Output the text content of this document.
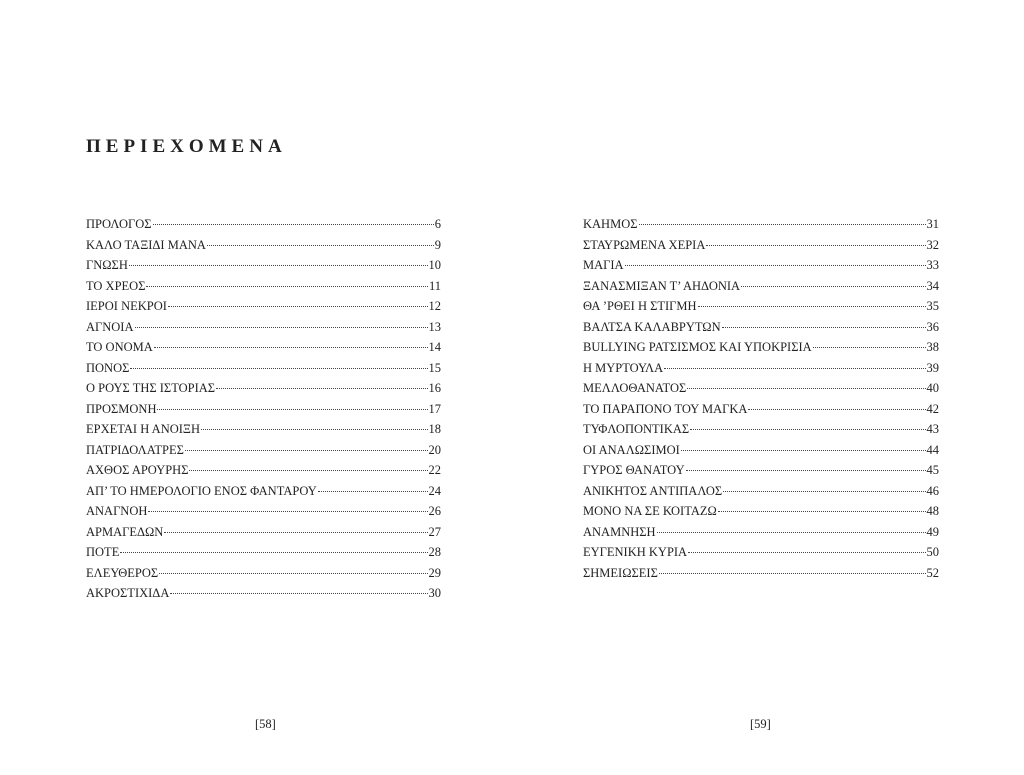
ΠΕΡΙΕΧΟΜΕΝΑ
ΠΡΟΛΟΓΟΣ	6
ΚΑΛΟ ΤΑΞΙΔΙ ΜΑΝΑ	9
ΓΝΩΣΗ	10
ΤΟ ΧΡΕΟΣ	11
ΙΕΡΟΙ ΝΕΚΡΟΙ	12
ΑΓΝΟΙΑ	13
ΤΟ ΟΝΟΜΑ	14
ΠΟΝΟΣ	15
Ο ΡΟΥΣ ΤΗΣ ΙΣΤΟΡΙΑΣ	16
ΠΡΟΣΜΟΝΗ	17
ΕΡΧΕΤΑΙ Η ΑΝΟΙΞΗ	18
ΠΑΤΡΙΔΟΛΑΤΡΕΣ	20
ΑΧΘΟΣ ΑΡΟΥΡΗΣ	22
ΑΠ’ ΤΟ ΗΜΕΡΟΛΟΓΙΟ ΕΝΟΣ ΦΑΝΤΑΡΟΥ	24
ΑΝΑΓΝΟΗ	26
ΑΡΜΑΓΕΔΩΝ	27
ΠΟΤΕ	28
ΕΛΕΥΘΕΡΟΣ	29
ΑΚΡΟΣΤΙΧΙΔΑ	30
[58]
ΚΑΗΜΟΣ	31
ΣΤΑΥΡΩΜΕΝΑ ΧΕΡΙΑ	32
ΜΑΓΙΑ	33
ΞΑΝΑΣΜΙΞΑΝ Τ’ ΑΗΔΟΝΙΑ	34
ΘΑ ’ΡΘΕΙ Η ΣΤΙΓΜΗ	35
ΒΑΛΤΣΑ ΚΑΛΑΒΡΥΤΩΝ	36
BULLYING ΡΑΤΣΙΣΜΟΣ ΚΑΙ ΥΠΟΚΡΙΣΙΑ	38
Η ΜΥΡΤΟΥΛΑ	39
ΜΕΛΛΟΘΑΝΑΤΟΣ	40
ΤΟ ΠΑΡΑΠΟΝΟ ΤΟΥ ΜΑΓΚΑ	42
ΤΥΦΛΟΠΟΝΤΙΚΑΣ	43
ΟΙ ΑΝΑΛΩΣΙΜΟΙ	44
ΓΥΡΟΣ ΘΑΝΑΤΟΥ	45
ΑΝΙΚΗΤΟΣ ΑΝΤΙΠΑΛΟΣ	46
ΜΟΝΟ ΝΑ ΣΕ ΚΟΙΤΑΖΩ	48
ΑΝΑΜΝΗΣΗ	49
ΕΥΓΕΝΙΚΗ ΚΥΡΙΑ	50
ΣΗΜΕΙΩΣΕΙΣ	52
[59]
